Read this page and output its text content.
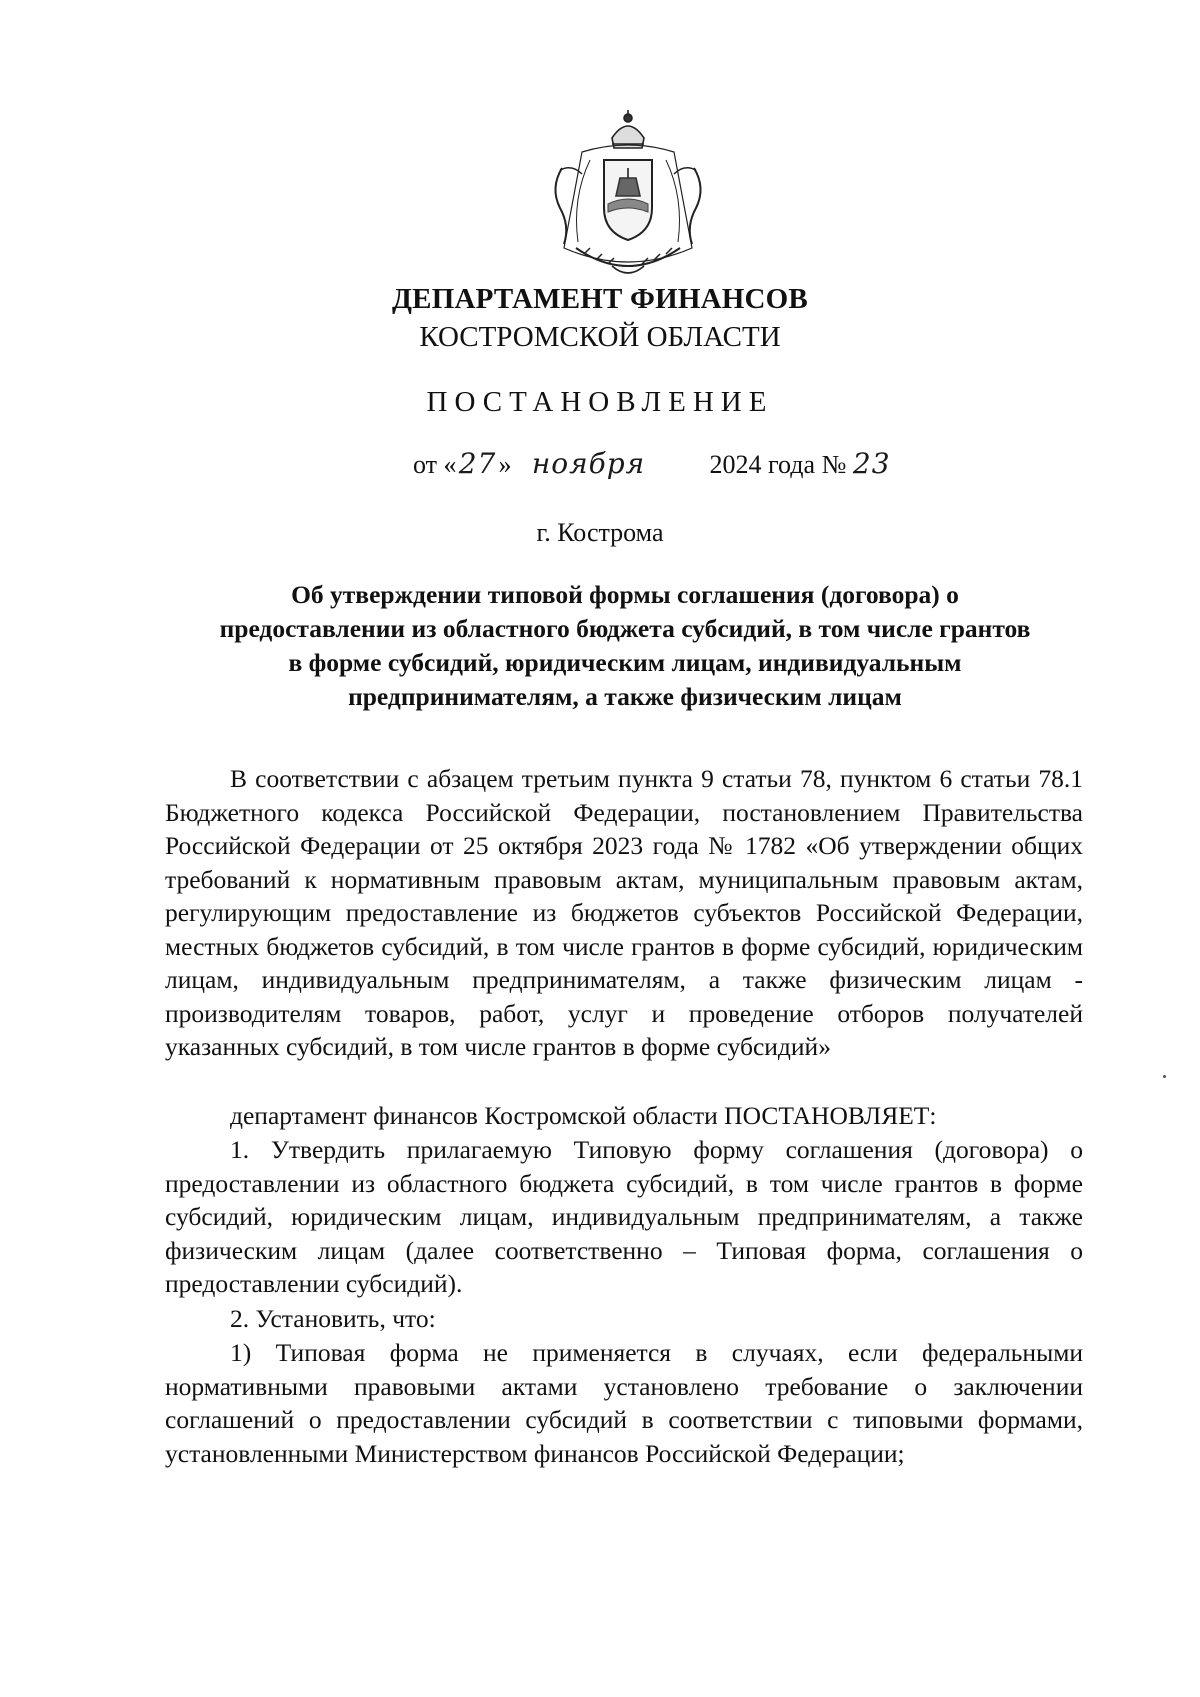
ДЕПАРТАМЕНТ ФИНАНСОВ
КОСТРОМСКОЙ ОБЛАСТИ
ПОСТАНОВЛЕНИЕ
от «27» ноября 2024 года № 23
г. Кострома
Об утверждении типовой формы соглашения (договора) о
предоставлении из областного бюджета субсидий, в том числе грантов
в форме субсидий, юридическим лицам, индивидуальным
предпринимателям, а также физическим лицам

В соответствии с абзацем третьим пункта 9 статьи 78, пунктом 6 статьи 78.1 Бюджетного кодекса Российской Федерации, постановлением Правительства Российской Федерации от 25 октября 2023 года № 1782 «Об утверждении общих требований к нормативным правовым актам, муниципальным правовым актам, регулирующим предоставление из бюджетов субъектов Российской Федерации, местных бюджетов субсидий, в том числе грантов в форме субсидий, юридическим лицам, индивидуальным предпринимателям, а также физическим лицам - производителям товаров, работ, услуг и проведение отборов получателей указанных субсидий, в том числе грантов в форме субсидий»

департамент финансов Костромской области ПОСТАНОВЛЯЕТ:

1. Утвердить прилагаемую Типовую форму соглашения (договора) о предоставлении из областного бюджета субсидий, в том числе грантов в форме субсидий, юридическим лицам, индивидуальным предпринимателям, а также физическим лицам (далее соответственно – Типовая форма, соглашения о предоставлении субсидий).

2. Установить, что:

1) Типовая форма не применяется в случаях, если федеральными нормативными правовыми актами установлено требование о заключении соглашений о предоставлении субсидий в соответствии с типовыми формами, установленными Министерством финансов Российской Федерации;
